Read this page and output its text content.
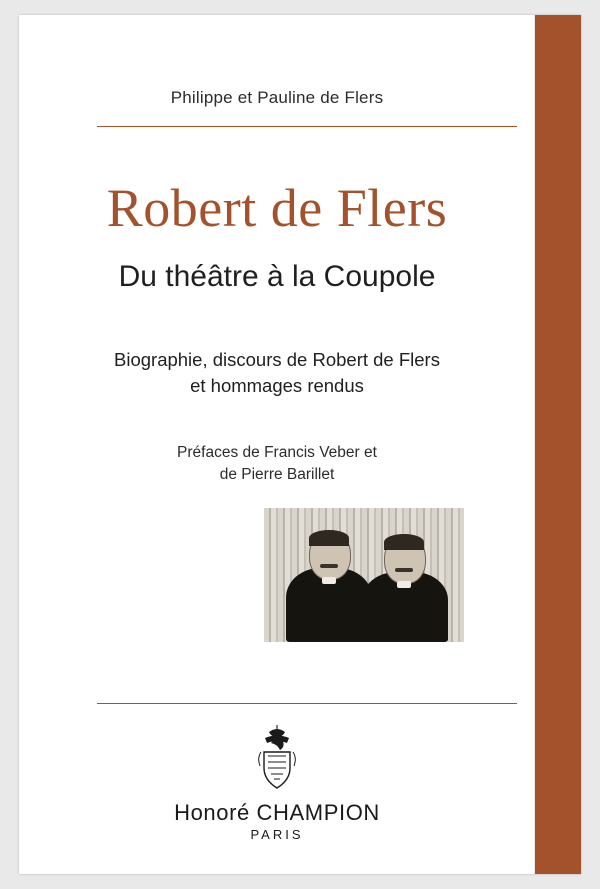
Philippe et Pauline de Flers
Robert de Flers
Du théâtre à la Coupole
Biographie, discours de Robert de Flers
et hommages rendus
Préfaces de Francis Veber et
de Pierre Barillet
Honoré CHAMPION
PARIS
